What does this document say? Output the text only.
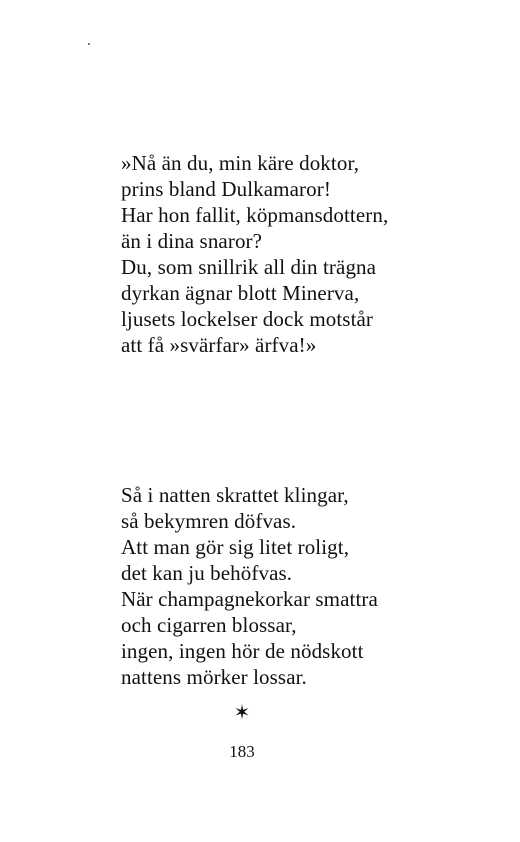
»Nå än du, min käre doktor,
prins bland Dulkamaror!
Har hon fallit, köpmansdottern,
än i dina snaror?
Du, som snillrik all din trägna
dyrkan ägnar blott Minerva,
ljusets lockelser dock motstår
att få »svärfar» ärfva!»
Så i natten skrattet klingar,
så bekymren döfvas.
Att man gör sig litet roligt,
det kan ju behöfvas.
När champagnekorkar smattra
och cigarren blossar,
ingen, ingen hör de nödskott
nattens mörker lossar.
✶
183
